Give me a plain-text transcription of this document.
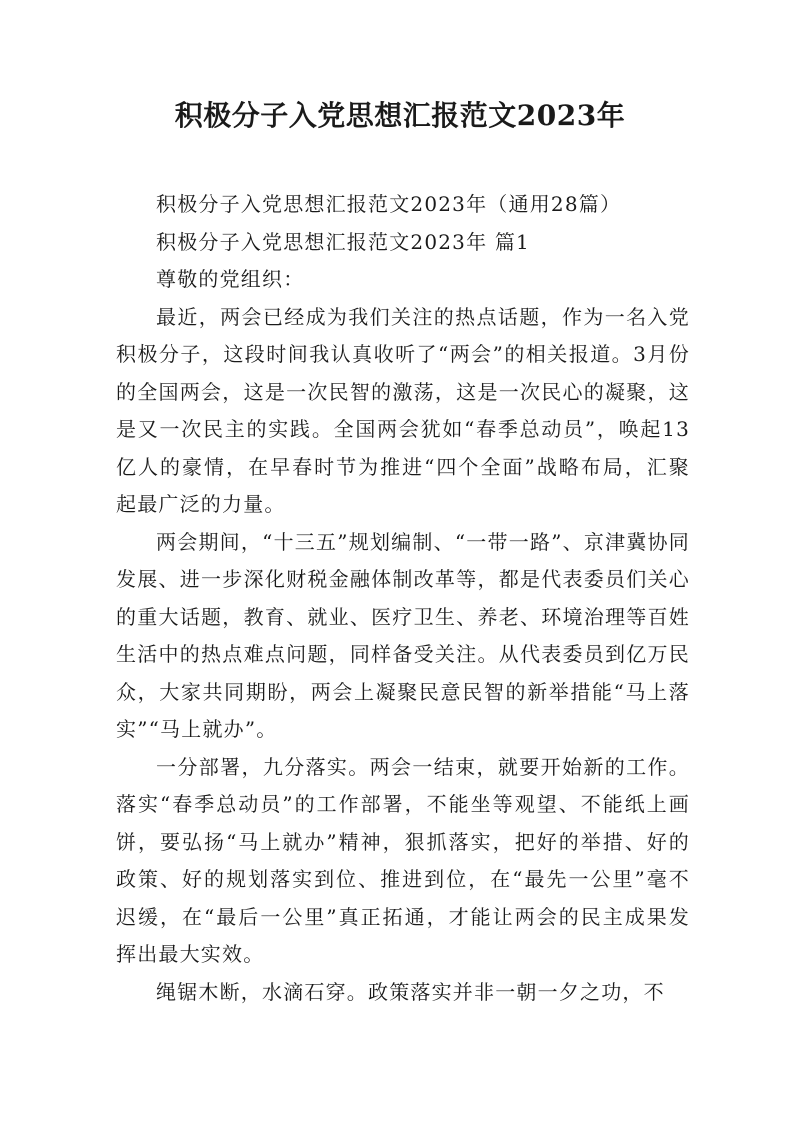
积极分子入党思想汇报范文2023年

积极分子入党思想汇报范文2023年（通用28篇）

积极分子入党思想汇报范文2023年 篇1

尊敬的党组织：

最近，两会已经成为我们关注的热点话题，作为一名入党积极分子，这段时间我认真收听了“两会”的相关报道。3月份的全国两会，这是一次民智的激荡，这是一次民心的凝聚，这是又一次民主的实践。全国两会犹如“春季总动员”，唤起13亿人的豪情，在早春时节为推进“四个全面”战略布局，汇聚起最广泛的力量。

两会期间，“十三五”规划编制、“一带一路”、京津冀协同发展、进一步深化财税金融体制改革等，都是代表委员们关心的重大话题，教育、就业、医疗卫生、养老、环境治理等百姓生活中的热点难点问题，同样备受关注。从代表委员到亿万民众，大家共同期盼，两会上凝聚民意民智的新举措能“马上落实”“马上就办”。

一分部署，九分落实。两会一结束，就要开始新的工作。落实“春季总动员”的工作部署，不能坐等观望、不能纸上画饼，要弘扬“马上就办”精神，狠抓落实，把好的举措、好的政策、好的规划落实到位、推进到位，在“最先一公里”毫不迟缓，在“最后一公里”真正拓通，才能让两会的民主成果发挥出最大实效。

绳锯木断，水滴石穿。政策落实并非一朝一夕之功，不
